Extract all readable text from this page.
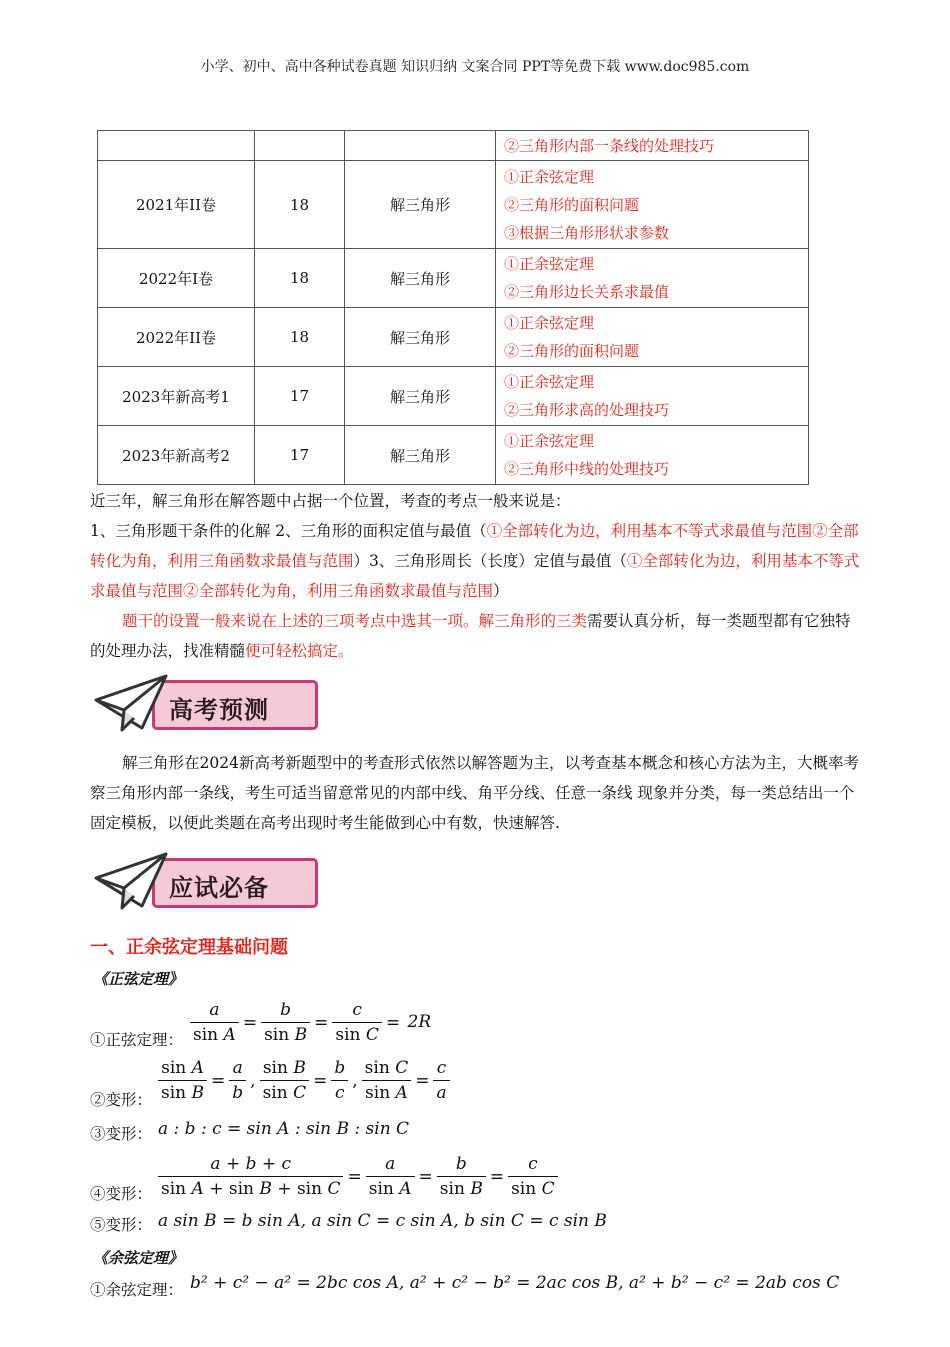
小学、初中、高中各种试卷真题 知识归纳 文案合同 PPT等免费下载 www.doc985.com

			②三角形内部一条线的处理技巧

2021年II卷	18	解三角形	①正余弦定理
②三角形的面积问题
③根据三角形形状求参数

2022年I卷	18	解三角形	①正余弦定理
②三角形边长关系求最值

2022年II卷	18	解三角形	①正余弦定理
②三角形的面积问题

2023年新高考1	17	解三角形	①正余弦定理
②三角形求高的处理技巧

2023年新高考2	17	解三角形	①正余弦定理
②三角形中线的处理技巧
近三年，解三角形在解答题中占据一个位置，考查的考点一般来说是：
1、三角形题干条件的化解 2、三角形的面积定值与最值（①全部转化为边，利用基本不等式求最值与范围②全部转化为角，利用三角函数求最值与范围）3、三角形周长（长度）定值与最值（①全部转化为边，利用基本不等式求最值与范围②全部转化为角，利用三角函数求最值与范围）
题干的设置一般来说在上述的三项考点中选其一项。解三角形的三类需要认真分析，每一类题型都有它独特的处理办法，找准精髓便可轻松搞定。
高考预测
解三角形在2024新高考新题型中的考查形式依然以解答题为主，以考查基本概念和核心方法为主，大概率考察三角形内部一条线，考生可适当留意常见的内部中线、角平分线、任意一条线 现象并分类，每一类总结出一个固定模板，以便此类题在高考出现时考生能做到心中有数，快速解答.
应试必备
一、正余弦定理基础问题
《正弦定理》
①正弦定理：
②变形：
③变形：
④变形：
⑤变形：
$\frac{a}{\text{sin A}} = \frac{b}{\text{sin B}} = \frac{c}{\text{sin C}} = 2R$
$\frac{\text{sin A}}{\text{sin B}} = \frac{a}{b}$ , $\frac{\text{sin B}}{\text{sin C}} = \frac{b}{c}$ , $\frac{\text{sin C}}{\text{sin A}} = \frac{c}{a}$
a : b : c = sin A : sin B : sin C
$\frac{a + b + c}{\text{sin A + sin B + sin C}} = \frac{a}{\text{sin A}} = \frac{b}{\text{sin B}} = \frac{c}{\text{sin C}}$
a sin B = b sin A, a sin C = c sin A, b sin C = c sin B
《余弦定理》
①余弦定理： b² + c² − a² = 2bc cos A, a² + c² − b² = 2ac cos B, a² + b² − c² = 2ab cos C
